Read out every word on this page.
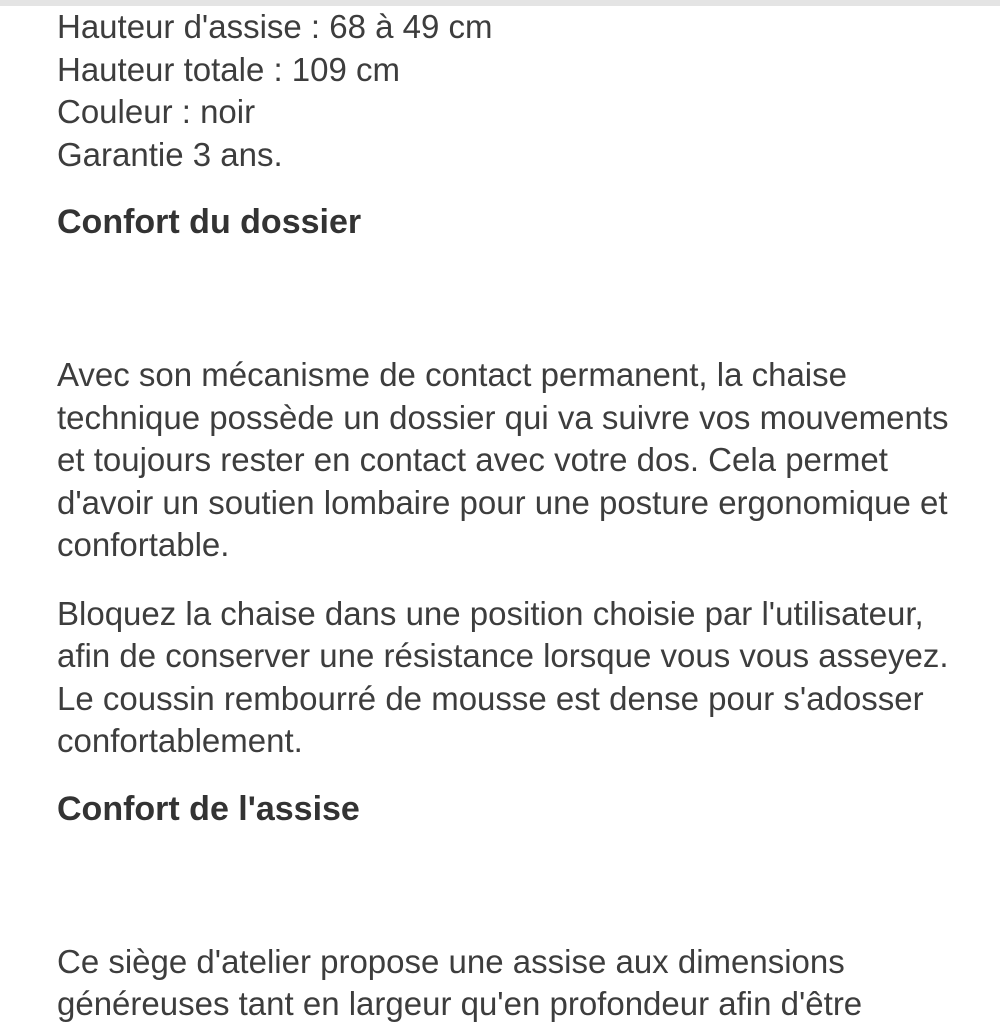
Hauteur d'assise : 68 à 49 cm
Hauteur totale : 109 cm
Couleur : noir
Garantie 3 ans.
Confort du dossier
Avec son mécanisme de contact permanent, la chaise
technique possède un dossier qui va suivre vos mouvements
et toujours rester en contact avec votre dos. Cela permet
d'avoir un soutien lombaire pour une posture ergonomique et
confortable.
Bloquez la chaise dans une position choisie par l'utilisateur,
afin de conserver une résistance lorsque vous vous asseyez.
Le coussin rembourré de mousse est dense pour s'adosser
confortablement.
Confort de l'assise
Ce siège d'atelier propose une assise aux dimensions
généreuses tant en largeur qu'en profondeur afin d'être
